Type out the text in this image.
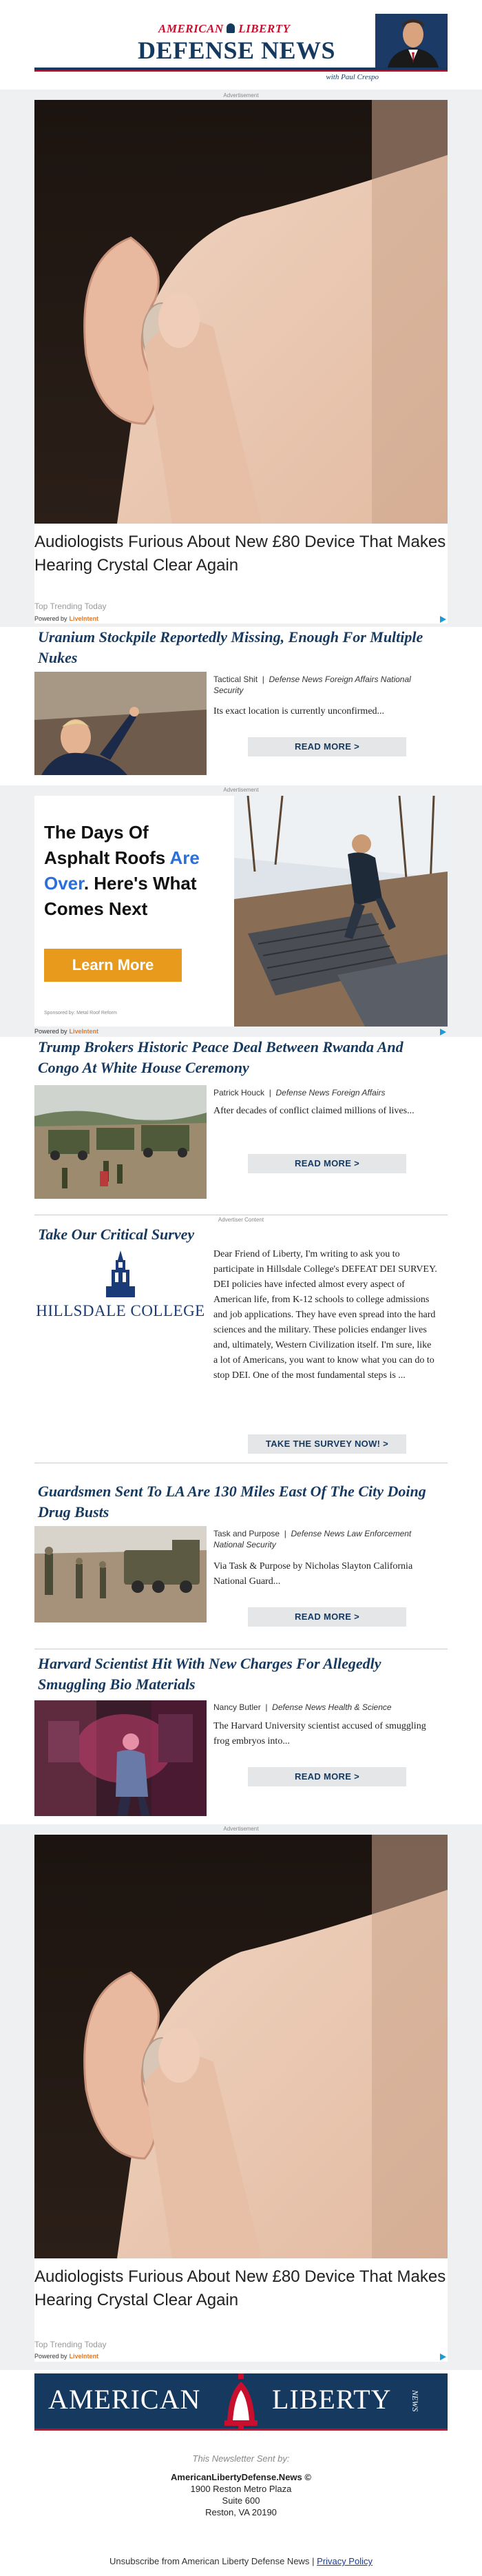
AMERICAN LIBERTY
DEFENSE NEWS
with Paul Crespo
Advertisement
Audiologists Furious About New £80 Device That Makes Hearing Crystal Clear Again
Top Trending Today
Powered by LiveIntent
Uranium Stockpile Reportedly Missing, Enough For Multiple Nukes
Tactical Shit  |  Defense News Foreign Affairs National Security
Its exact location is currently unconfirmed...
READ MORE >
Advertisement
The Days Of
Asphalt Roofs Are
Over. Here's What
Comes Next
Learn More
Sponsored by: Metal Roof Reform
Powered by LiveIntent
Trump Brokers Historic Peace Deal Between Rwanda And Congo At White House Ceremony
Patrick Houck  |  Defense News Foreign Affairs
After decades of conflict claimed millions of lives...
READ MORE >
Advertiser Content
Take Our Critical Survey
HILLSDALE COLLEGE
Dear Friend of Liberty, I'm writing to ask you to participate in Hillsdale College's DEFEAT DEI SURVEY. DEI policies have infected almost every aspect of American life, from K-12 schools to college admissions and job applications. They have even spread into the hard sciences and the military. These policies endanger lives and, ultimately, Western Civilization itself. I'm sure, like a lot of Americans, you want to know what you can do to stop DEI. One of the most fundamental steps is ...
TAKE THE SURVEY NOW! >
Guardsmen Sent To LA Are 130 Miles East Of The City Doing Drug Busts
Task and Purpose  |  Defense News Law Enforcement National Security
Via Task & Purpose by Nicholas Slayton California National Guard...
READ MORE >
Harvard Scientist Hit With New Charges For Allegedly Smuggling Bio Materials
Nancy Butler  |  Defense News Health & Science
The Harvard University scientist accused of smuggling frog embryos into...
READ MORE >
Advertisement
Audiologists Furious About New £80 Device That Makes Hearing Crystal Clear Again
Top Trending Today
Powered by LiveIntent
AMERICAN	LIBERTY NEWS
This Newsletter Sent by:
AmericanLibertyDefense.News ©
1900 Reston Metro Plaza
Suite 600
Reston, VA 20190
Unsubscribe from American Liberty Defense News | Privacy Policy
